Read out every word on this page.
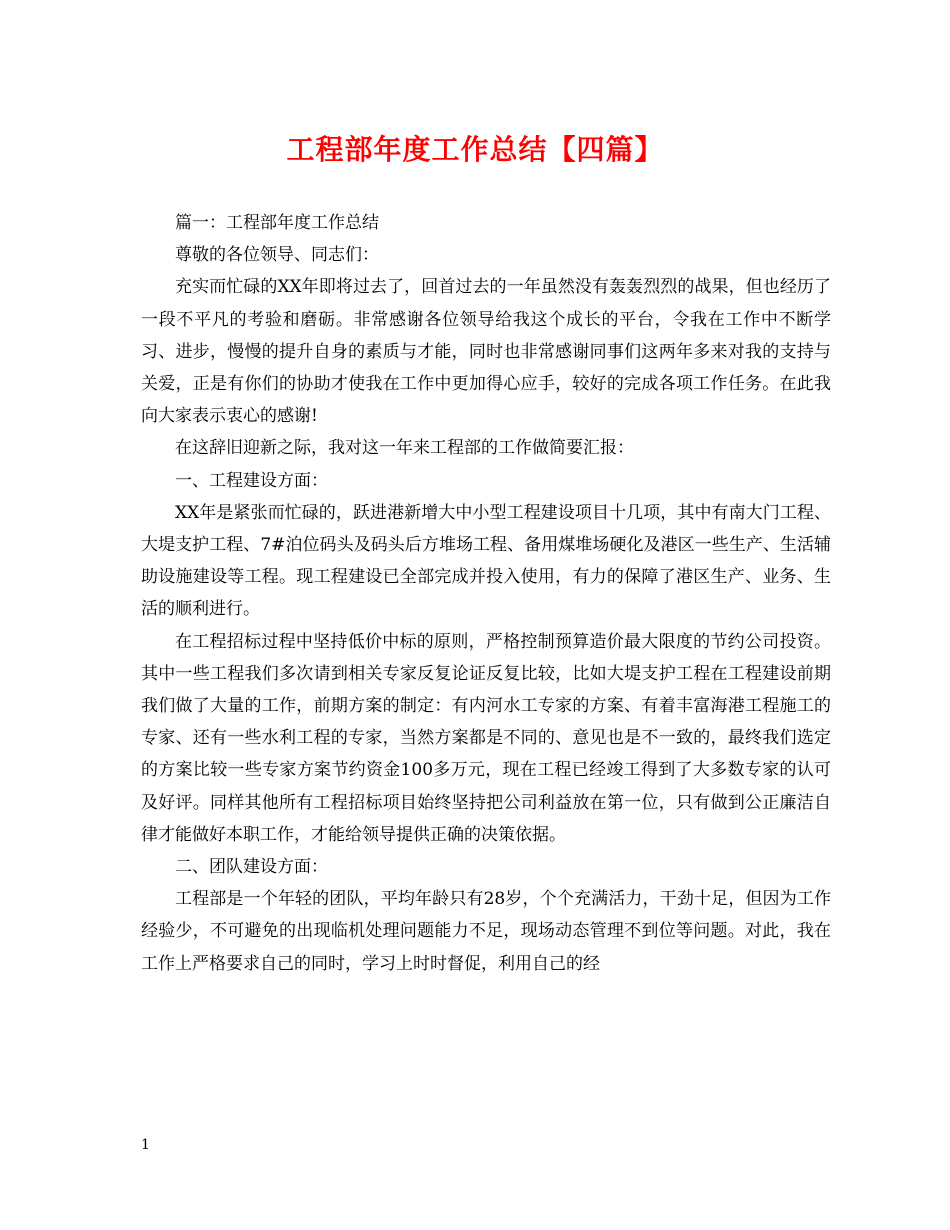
工程部年度工作总结【四篇】

篇一：工程部年度工作总结

尊敬的各位领导、同志们：

充实而忙碌的XX年即将过去了，回首过去的一年虽然没有轰轰烈烈的战果，但也经历了一段不平凡的考验和磨砺。非常感谢各位领导给我这个成长的平台，令我在工作中不断学习、进步，慢慢的提升自身的素质与才能，同时也非常感谢同事们这两年多来对我的支持与关爱，正是有你们的协助才使我在工作中更加得心应手，较好的完成各项工作任务。在此我向大家表示衷心的感谢!

在这辞旧迎新之际，我对这一年来工程部的工作做简要汇报：

一、工程建设方面：

XX年是紧张而忙碌的，跃进港新增大中小型工程建设项目十几项，其中有南大门工程、大堤支护工程、7#泊位码头及码头后方堆场工程、备用煤堆场硬化及港区一些生产、生活辅助设施建设等工程。现工程建设已全部完成并投入使用，有力的保障了港区生产、业务、生活的顺利进行。

在工程招标过程中坚持低价中标的原则，严格控制预算造价最大限度的节约公司投资。其中一些工程我们多次请到相关专家反复论证反复比较，比如大堤支护工程在工程建设前期我们做了大量的工作，前期方案的制定：有内河水工专家的方案、有着丰富海港工程施工的专家、还有一些水利工程的专家，当然方案都是不同的、意见也是不一致的，最终我们选定的方案比较一些专家方案节约资金100多万元，现在工程已经竣工得到了大多数专家的认可及好评。同样其他所有工程招标项目始终坚持把公司利益放在第一位，只有做到公正廉洁自律才能做好本职工作，才能给领导提供正确的决策依据。

二、团队建设方面：

工程部是一个年轻的团队，平均年龄只有28岁，个个充满活力，干劲十足，但因为工作经验少，不可避免的出现临机处理问题能力不足，现场动态管理不到位等问题。对此，我在工作上严格要求自己的同时，学习上时时督促，利用自己的经

1
